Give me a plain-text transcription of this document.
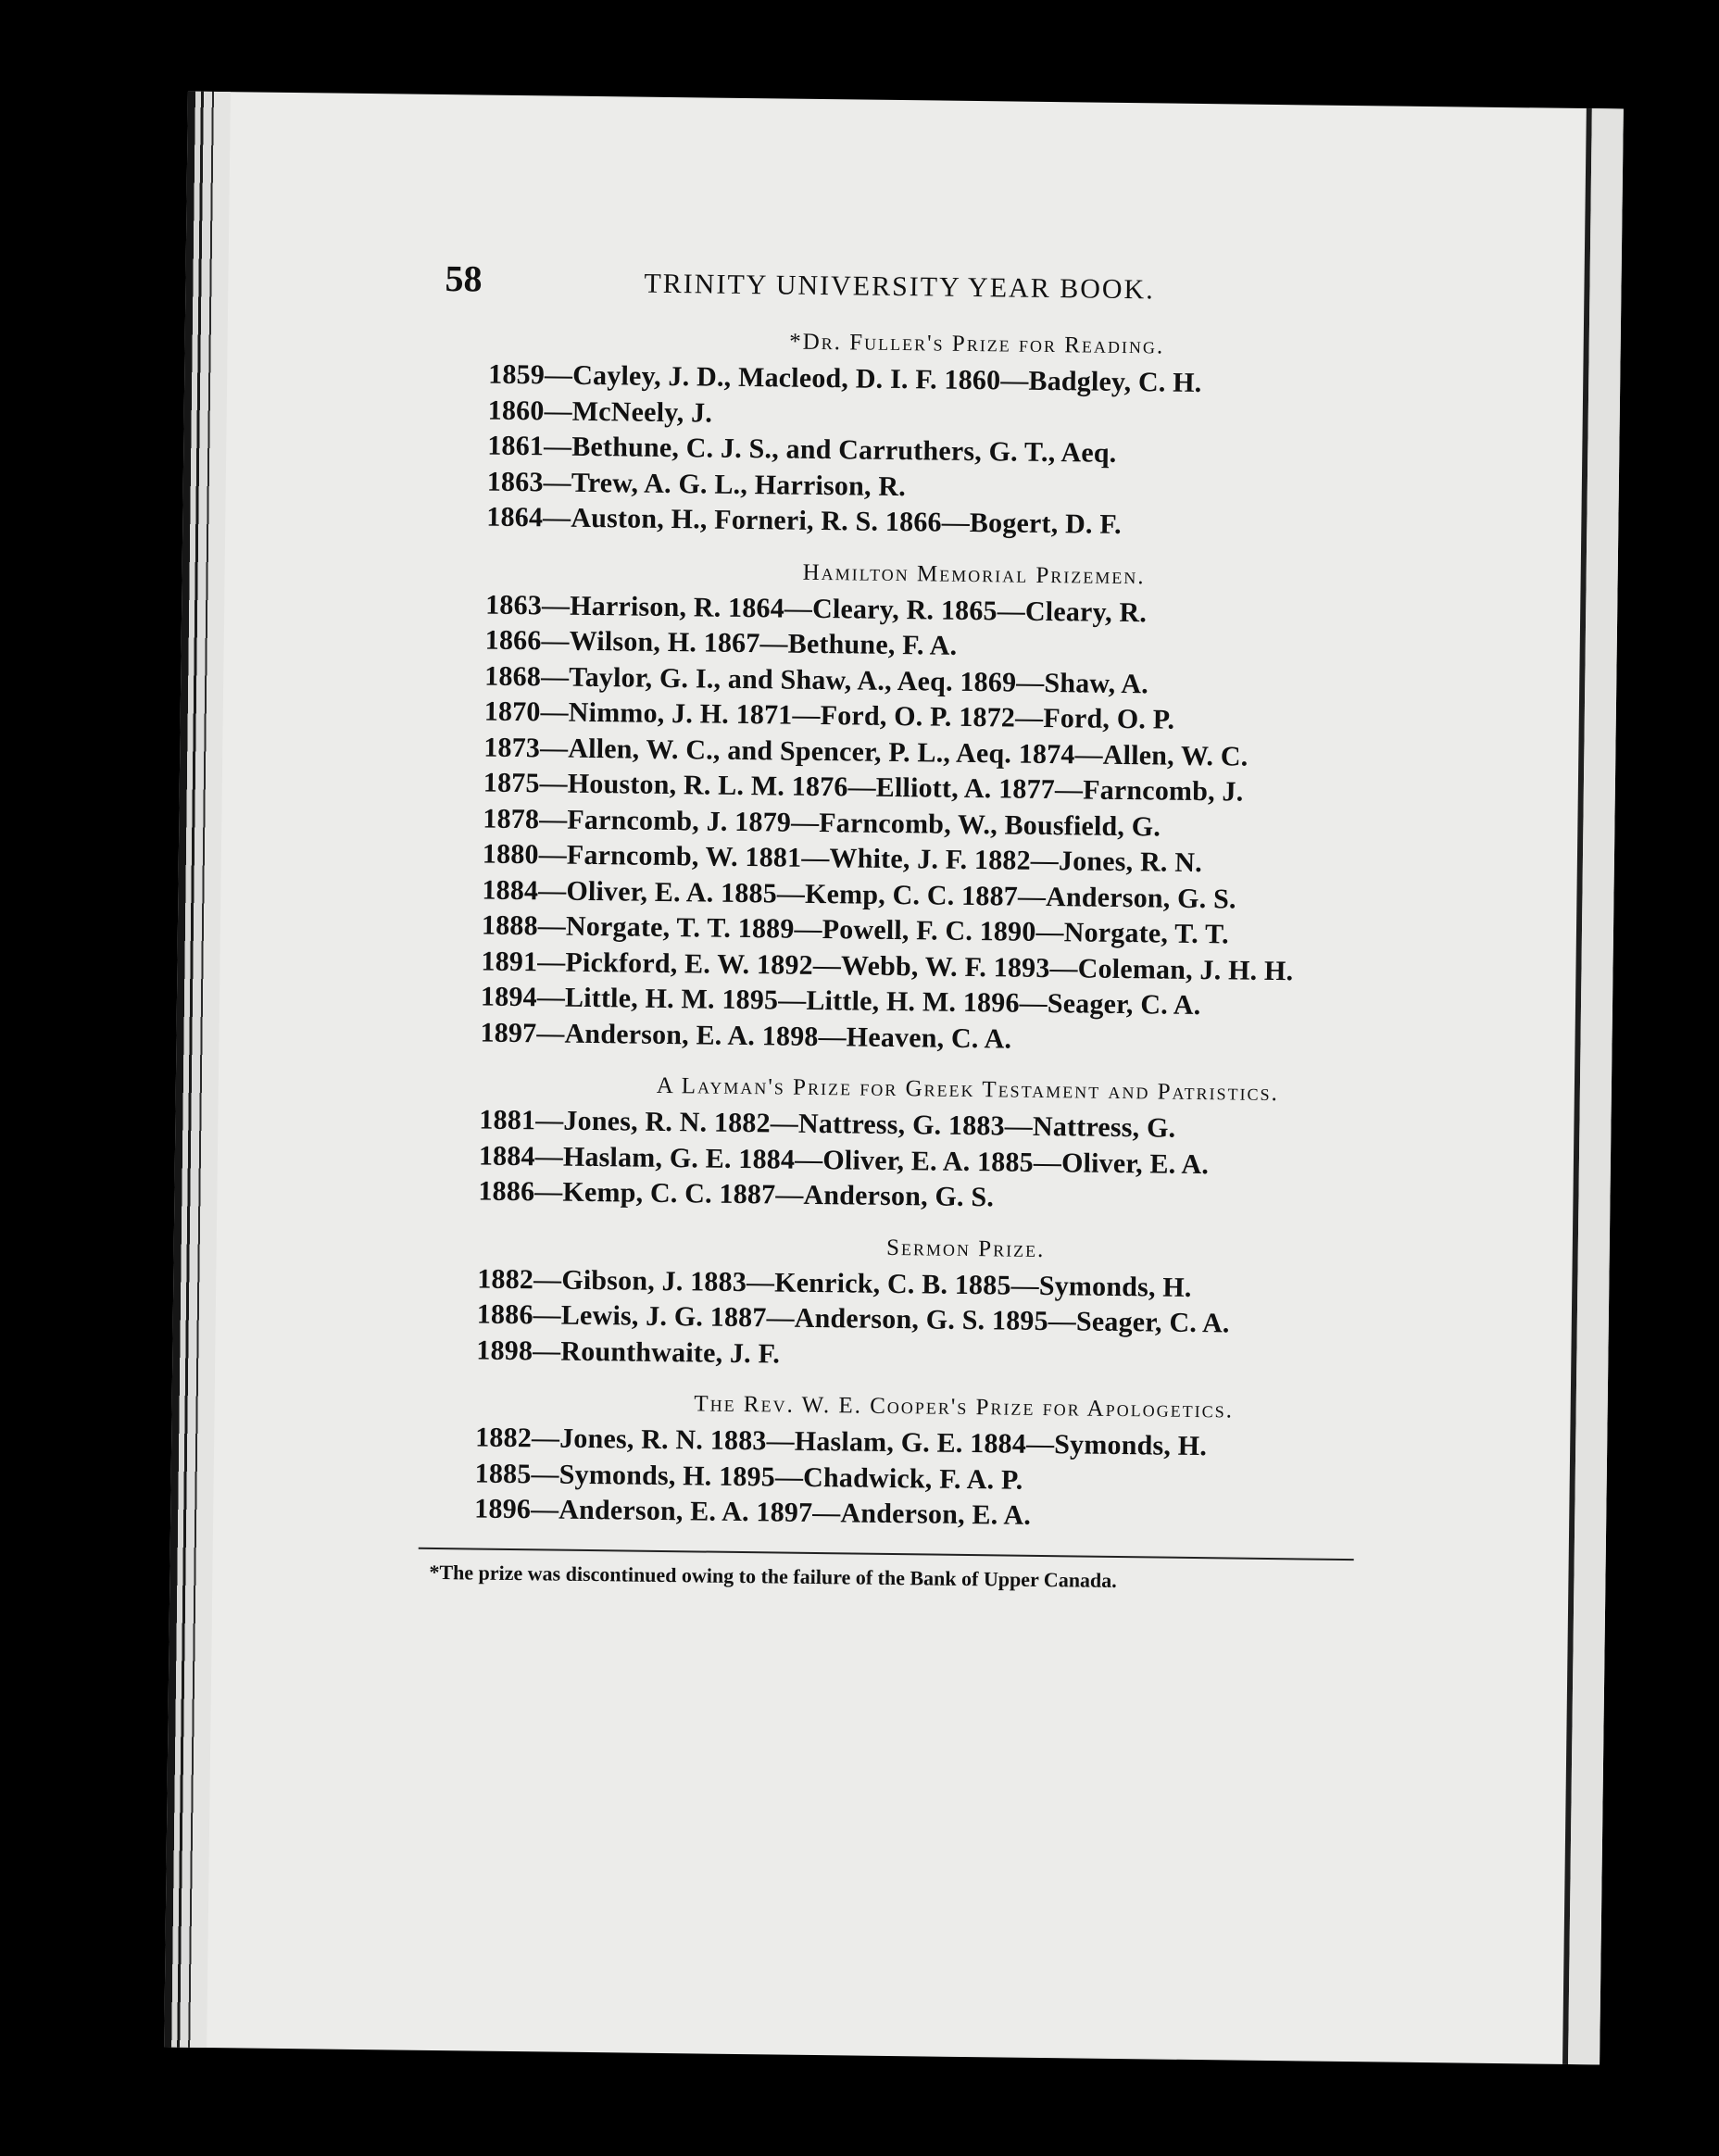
58	TRINITY UNIVERSITY YEAR BOOK.
*Dr. Fuller's Prize for Reading.
1859—Cayley, J. D., Macleod, D. I. F. 1860—Badgley, C. H.
1860—McNeely, J.
1861—Bethune, C. J. S., and Carruthers, G. T., Aeq.
1863—Trew, A. G. L., Harrison, R.
1864—Auston, H., Forneri, R. S. 1866—Bogert, D. F.
Hamilton Memorial Prizemen.
1863—Harrison, R. 1864—Cleary, R. 1865—Cleary, R.
1866—Wilson, H. 1867—Bethune, F. A.
1868—Taylor, G. I., and Shaw, A., Aeq. 1869—Shaw, A.
1870—Nimmo, J. H. 1871—Ford, O. P. 1872—Ford, O. P.
1873—Allen, W. C., and Spencer, P. L., Aeq. 1874—Allen, W. C.
1875—Houston, R. L. M. 1876—Elliott, A. 1877—Farncomb, J.
1878—Farncomb, J. 1879—Farncomb, W., Bousfield, G.
1880—Farncomb, W. 1881—White, J. F. 1882—Jones, R. N.
1884—Oliver, E. A. 1885—Kemp, C. C. 1887—Anderson, G. S.
1888—Norgate, T. T. 1889—Powell, F. C. 1890—Norgate, T. T.
1891—Pickford, E. W. 1892—Webb, W. F. 1893—Coleman, J. H. H.
1894—Little, H. M. 1895—Little, H. M. 1896—Seager, C. A.
1897—Anderson, E. A. 1898—Heaven, C. A.
A Layman's Prize for Greek Testament and Patristics.
1881—Jones, R. N. 1882—Nattress, G. 1883—Nattress, G.
1884—Haslam, G. E. 1884—Oliver, E. A. 1885—Oliver, E. A.
1886—Kemp, C. C. 1887—Anderson, G. S.
Sermon Prize.
1882—Gibson, J. 1883—Kenrick, C. B. 1885—Symonds, H.
1886—Lewis, J. G. 1887—Anderson, G. S. 1895—Seager, C. A.
1898—Rounthwaite, J. F.
The Rev. W. E. Cooper's Prize for Apologetics.
1882—Jones, R. N. 1883—Haslam, G. E. 1884—Symonds, H.
1885—Symonds, H. 1895—Chadwick, F. A. P.
1896—Anderson, E. A. 1897—Anderson, E. A.
*The prize was discontinued owing to the failure of the Bank of Upper Canada.
